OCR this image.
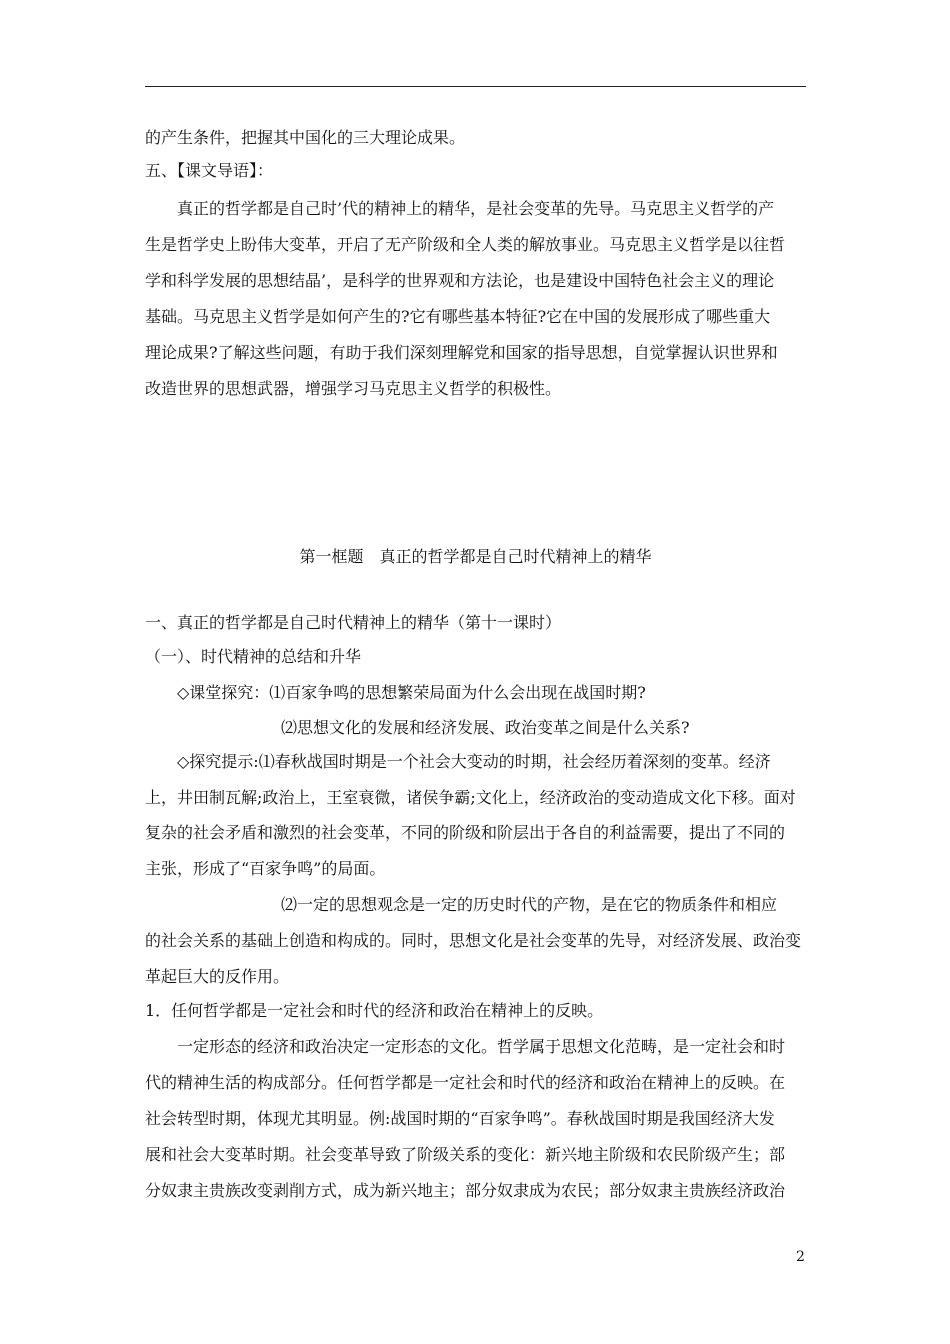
的产生条件，把握其中国化的三大理论成果。
五、【课文导语】：
真正的哲学都是自己时’代的精神上的精华，是社会变革的先导。马克思主义哲学的产
生是哲学史上盼伟大变革，开启了无产阶级和全人类的解放事业。马克思主义哲学是以往哲
学和科学发展的思想结晶’，是科学的世界观和方法论，也是建设中国特色社会主义的理论
基础。马克思主义哲学是如何产生的?它有哪些基本特征?它在中国的发展形成了哪些重大
理论成果?了解这些问题，有助于我们深刻理解党和国家的指导思想，自觉掌握认识世界和
改造世界的思想武器，增强学习马克思主义哲学的积极性。
第一框题　真正的哲学都是自己时代精神上的精华
一、真正的哲学都是自己时代精神上的精华（第十一课时）
（一）、时代精神的总结和升华
◇课堂探究：⑴百家争鸣的思想繁荣局面为什么会出现在战国时期?
⑵思想文化的发展和经济发展、政治变革之间是什么关系?
◇探究提示:⑴春秋战国时期是一个社会大变动的时期，社会经历着深刻的变革。经济
上，井田制瓦解;政治上，王室衰微，诸侯争霸;文化上，经济政治的变动造成文化下移。面对
复杂的社会矛盾和激烈的社会变革，不同的阶级和阶层出于各自的利益需要，提出了不同的
主张，形成了“百家争鸣”的局面。
⑵一定的思想观念是一定的历史时代的产物，是在它的物质条件和相应
的社会关系的基础上创造和构成的。同时，思想文化是社会变革的先导，对经济发展、政治变
革起巨大的反作用。
1．任何哲学都是一定社会和时代的经济和政治在精神上的反映。
一定形态的经济和政治决定一定形态的文化。哲学属于思想文化范畴，是一定社会和时
代的精神生活的构成部分。任何哲学都是一定社会和时代的经济和政治在精神上的反映。在
社会转型时期，体现尤其明显。例:战国时期的“百家争鸣”。春秋战国时期是我国经济大发
展和社会大变革时期。社会变革导致了阶级关系的变化：新兴地主阶级和农民阶级产生；部
分奴隶主贵族改变剥削方式，成为新兴地主；部分奴隶成为农民；部分奴隶主贵族经济政治
2
